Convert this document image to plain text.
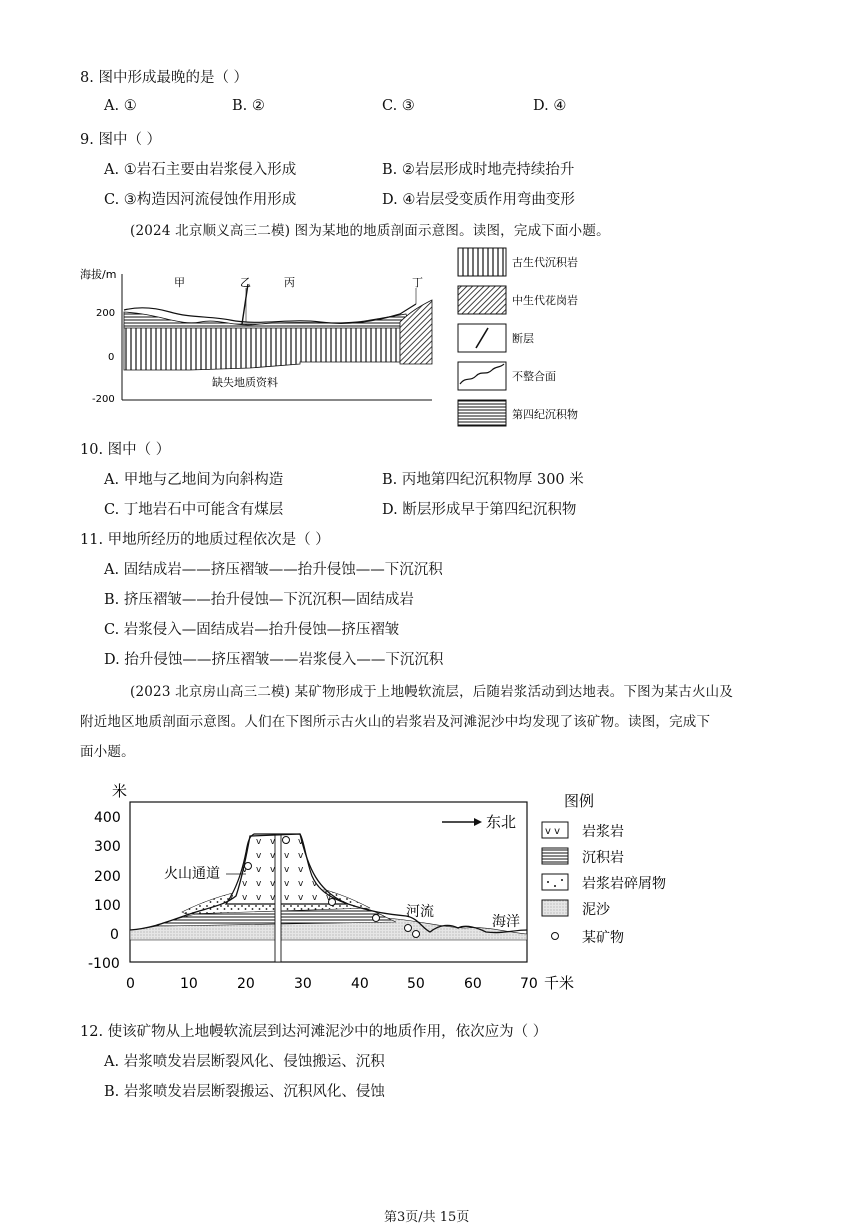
8. 图中形成最晚的是（ ）
A. ①	B. ②	C. ③	D. ④
9. 图中（ ）
A. ①岩石主要由岩浆侵入形成	B. ②岩层形成时地壳持续抬升
C. ③构造因河流侵蚀作用形成	D. ④岩层受变质作用弯曲变形
(2024 北京顺义高三二模) 图为某地的地质剖面示意图。读图，完成下面小题。
海拔/m
200
0
-200
甲	乙	丙	丁
缺失地质资料
古生代沉积岩
中生代花岗岩
断层
不整合面
第四纪沉积物
10. 图中（ ）
A. 甲地与乙地间为向斜构造	B. 丙地第四纪沉积物厚 300 米
C. 丁地岩石中可能含有煤层	D. 断层形成早于第四纪沉积物
11. 甲地所经历的地质过程依次是（ ）
A. 固结成岩——挤压褶皱——抬升侵蚀——下沉沉积
B. 挤压褶皱——抬升侵蚀—下沉沉积—固结成岩
C. 岩浆侵入—固结成岩—抬升侵蚀—挤压褶皱
D. 抬升侵蚀——挤压褶皱——岩浆侵入——下沉沉积
(2023 北京房山高三二模) 某矿物形成于上地幔软流层，后随岩浆活动到达地表。下图为某古火山及
附近地区地质剖面示意图。人们在下图所示古火山的岩浆岩及河滩泥沙中均发现了该矿物。读图，完成下
面小题。
米
400
300
200
100
0
-100
0	10	20	30	40	50	60	70 千米
东北
火山通道
河流
海洋
图例
v v 岩浆岩
沉积岩
岩浆岩碎屑物
泥沙
某矿物
12. 使该矿物从上地幔软流层到达河滩泥沙中的地质作用，依次应为（ ）
A. 岩浆喷发岩层断裂风化、侵蚀搬运、沉积
B. 岩浆喷发岩层断裂搬运、沉积风化、侵蚀
第3页/共 15页
